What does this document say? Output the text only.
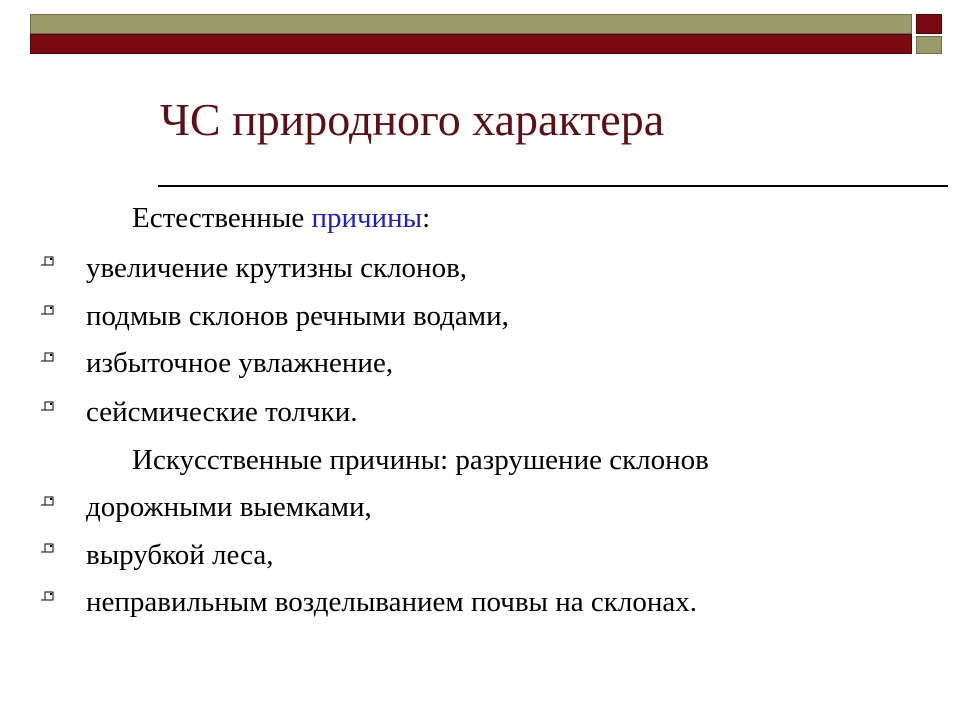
ЧС природного характера
Естественные причины:
увеличение крутизны склонов,
подмыв склонов речными водами,
избыточное увлажнение,
сейсмические толчки.
Искусственные причины: разрушение склонов
дорожными выемками,
вырубкой леса,
неправильным возделыванием почвы на склонах.
